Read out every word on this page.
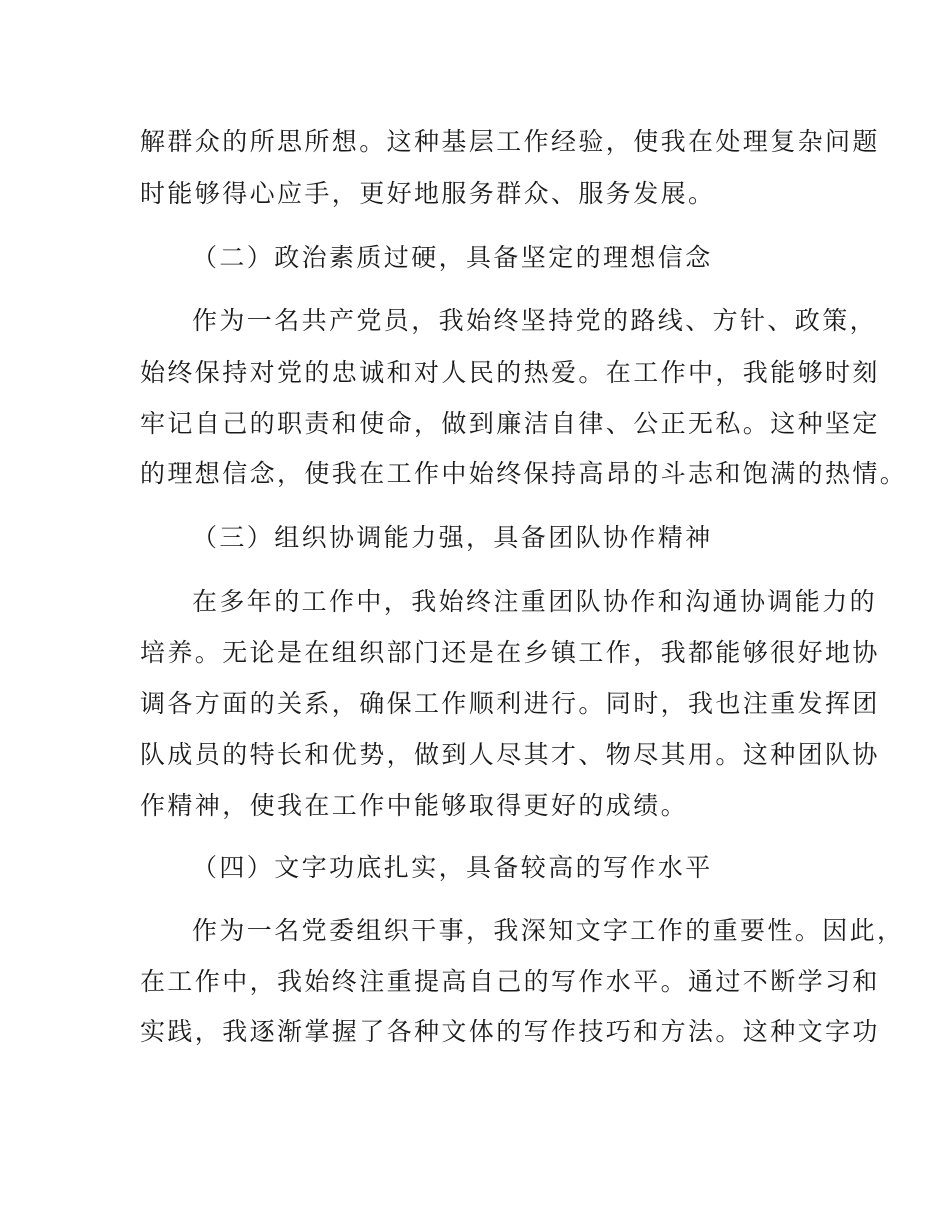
解群众的所思所想。这种基层工作经验，使我在处理复杂问题

时能够得心应手，更好地服务群众、服务发展。

（二）政治素质过硬，具备坚定的理想信念

作为一名共产党员，我始终坚持党的路线、方针、政策，

始终保持对党的忠诚和对人民的热爱。在工作中，我能够时刻

牢记自己的职责和使命，做到廉洁自律、公正无私。这种坚定

的理想信念，使我在工作中始终保持高昂的斗志和饱满的热情。

（三）组织协调能力强，具备团队协作精神

在多年的工作中，我始终注重团队协作和沟通协调能力的

培养。无论是在组织部门还是在乡镇工作，我都能够很好地协

调各方面的关系，确保工作顺利进行。同时，我也注重发挥团

队成员的特长和优势，做到人尽其才、物尽其用。这种团队协

作精神，使我在工作中能够取得更好的成绩。

（四）文字功底扎实，具备较高的写作水平

作为一名党委组织干事，我深知文字工作的重要性。因此，

在工作中，我始终注重提高自己的写作水平。通过不断学习和

实践，我逐渐掌握了各种文体的写作技巧和方法。这种文字功
